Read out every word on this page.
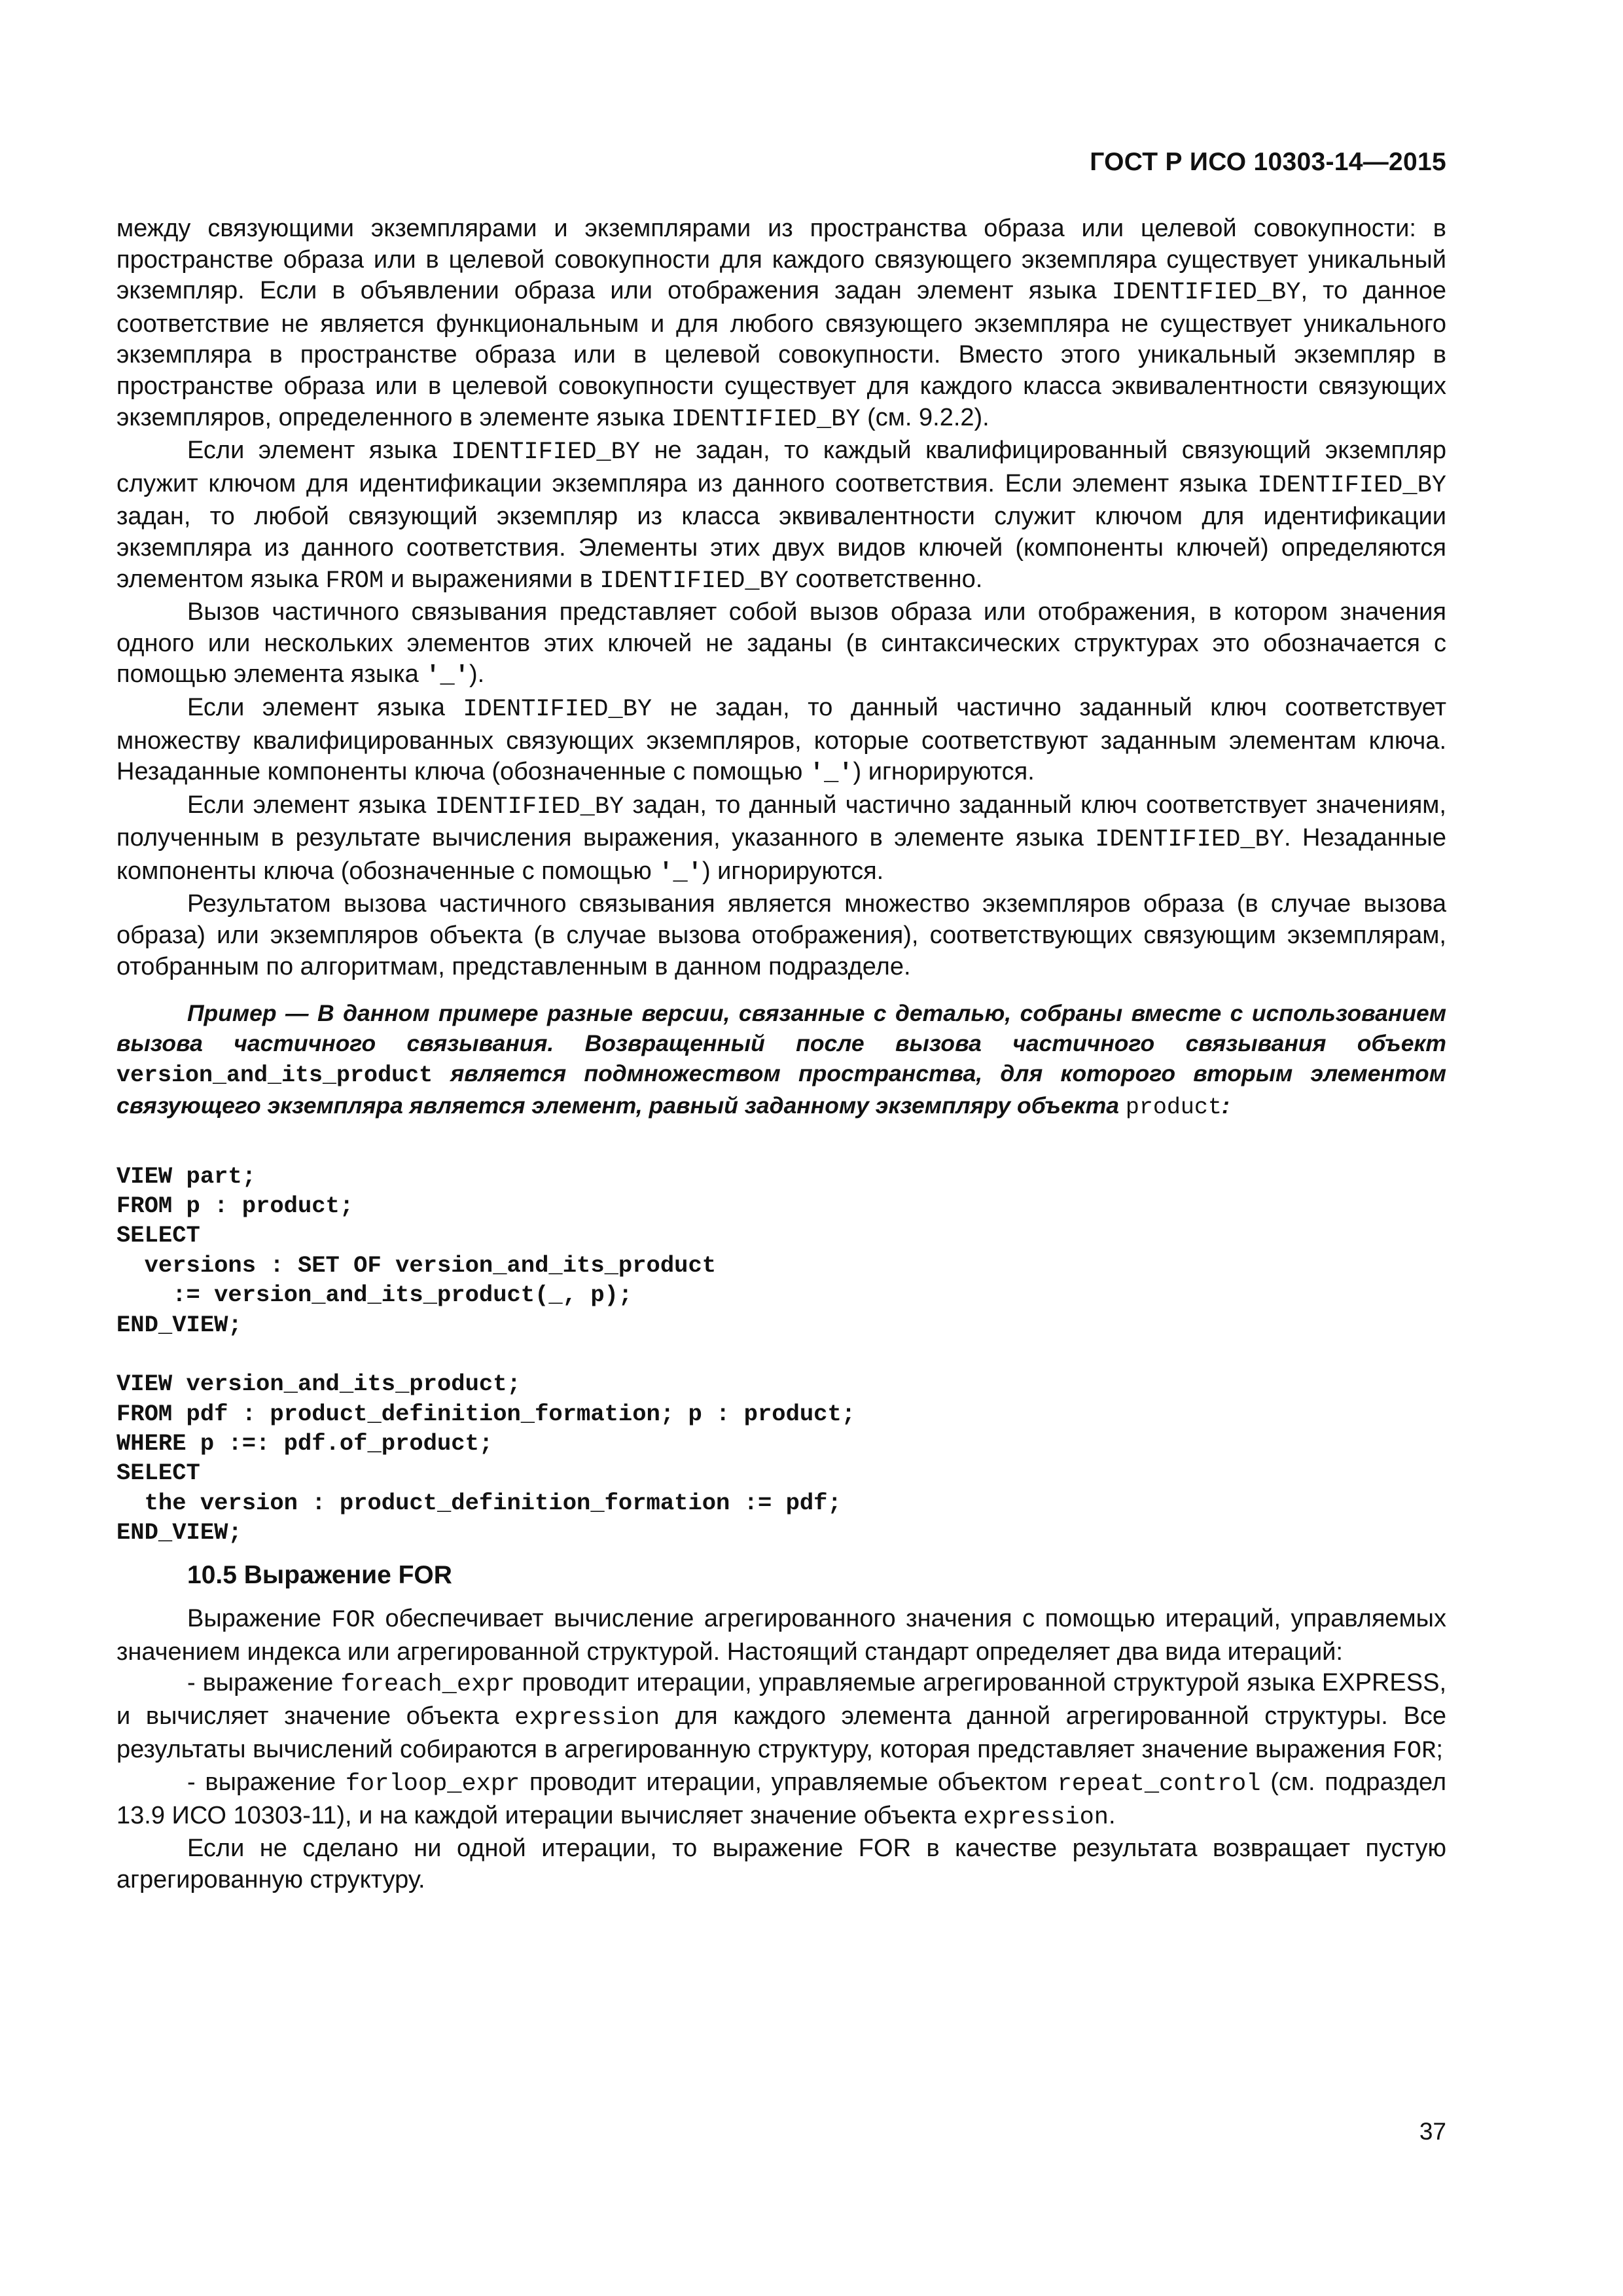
ГОСТ Р ИСО 10303-14—2015

между связующими экземплярами и экземплярами из пространства образа или целевой совокупности: в пространстве образа или в целевой совокупности для каждого связующего экземпляра существует уникальный экземпляр. Если в объявлении образа или отображения задан элемент языка IDENTIFIED_BY, то данное соответствие не является функциональным и для любого связующего экземпляра не существует уникального экземпляра в пространстве образа или в целевой совокупности. Вместо этого уникальный экземпляр в пространстве образа или в целевой совокупности существует для каждого класса эквивалентности связующих экземпляров, определенного в элементе языка IDENTIFIED_BY (см. 9.2.2).

Если элемент языка IDENTIFIED_BY не задан, то каждый квалифицированный связующий экземпляр служит ключом для идентификации экземпляра из данного соответствия. Если элемент языка IDENTIFIED_BY задан, то любой связующий экземпляр из класса эквивалентности служит ключом для идентификации экземпляра из данного соответствия. Элементы этих двух видов ключей (компоненты ключей) определяются элементом языка FROM и выражениями в IDENTIFIED_BY соответственно.

Вызов частичного связывания представляет собой вызов образа или отображения, в котором значения одного или нескольких элементов этих ключей не заданы (в синтаксических структурах это обозначается с помощью элемента языка '_').

Если элемент языка IDENTIFIED_BY не задан, то данный частично заданный ключ соответствует множеству квалифицированных связующих экземпляров, которые соответствуют заданным элементам ключа. Незаданные компоненты ключа (обозначенные с помощью '_') игнорируются.

Если элемент языка IDENTIFIED_BY задан, то данный частично заданный ключ соответствует значениям, полученным в результате вычисления выражения, указанного в элементе языка IDENTIFIED_BY. Незаданные компоненты ключа (обозначенные с помощью '_') игнорируются.

Результатом вызова частичного связывания является множество экземпляров образа (в случае вызова образа) или экземпляров объекта (в случае вызова отображения), соответствующих связующим экземплярам, отобранным по алгоритмам, представленным в данном подразделе.

Пример — В данном примере разные версии, связанные с деталью, собраны вместе с использованием вызова частичного связывания. Возвращенный после вызова частичного связывания объект version_and_its_product является подмножеством пространства, для которого вторым элементом связующего экземпляра является элемент, равный заданному экземпляру объекта product:

VIEW part;
FROM p : product;
SELECT
versions : SET OF version_and_its_product
:= version_and_its_product(_, p);
END_VIEW;
VIEW version_and_its_product;
FROM pdf : product_definition_formation; p : product;
WHERE p :=: pdf.of_product;
SELECT
the version : product_definition_formation := pdf;
END_VIEW;
10.5 Выражение FOR

Выражение FOR обеспечивает вычисление агрегированного значения с помощью итераций, управляемых значением индекса или агрегированной структурой. Настоящий стандарт определяет два вида итераций:

- выражение foreach_expr проводит итерации, управляемые агрегированной структурой языка EXPRESS, и вычисляет значение объекта expression для каждого элемента данной агрегированной структуры. Все результаты вычислений собираются в агрегированную структуру, которая представляет значение выражения FOR;

- выражение forloop_expr проводит итерации, управляемые объектом repeat_control (см. подраздел 13.9 ИСО 10303-11), и на каждой итерации вычисляет значение объекта expression.

Если не сделано ни одной итерации, то выражение FOR в качестве результата возвращает пустую агрегированную структуру.

37
